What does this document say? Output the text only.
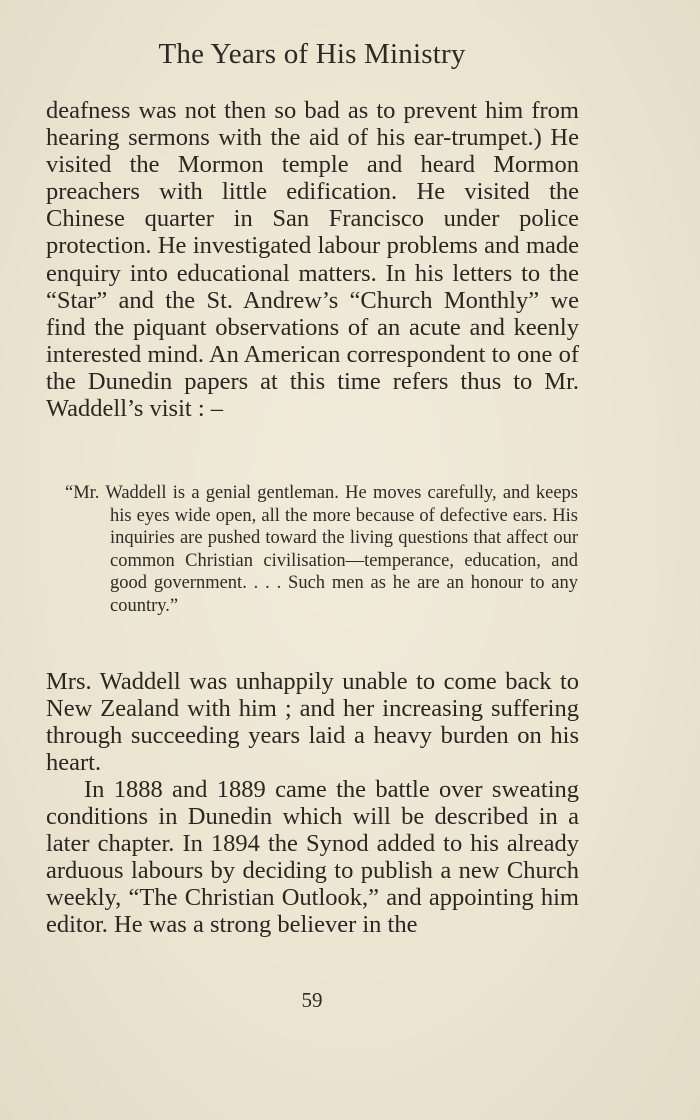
The Years of His Ministry

deafness was not then so bad as to prevent him from hearing sermons with the aid of his ear-trumpet.) He visited the Mormon temple and heard Mormon preachers with little edification. He visited the Chinese quarter in San Francisco under police protection. He investigated labour problems and made enquiry into educational matters. In his letters to the “Star” and the St. Andrew’s “Church Monthly” we find the piquant observations of an acute and keenly interested mind. An American correspondent to one of the Dunedin papers at this time refers thus to Mr. Waddell’s visit : –

“Mr. Waddell is a genial gentleman. He moves carefully, and keeps his eyes wide open, all the more because of defective ears. His inquiries are pushed toward the living questions that affect our common Christian civilisation—temperance, education, and good government. . . . Such men as he are an honour to any country.”

Mrs. Waddell was unhappily unable to come back to New Zealand with him ; and her increasing suffering through succeeding years laid a heavy burden on his heart.

In 1888 and 1889 came the battle over sweating conditions in Dunedin which will be described in a later chapter. In 1894 the Synod added to his already arduous labours by deciding to publish a new Church weekly, “The Christian Outlook,” and appointing him editor. He was a strong believer in the

59
